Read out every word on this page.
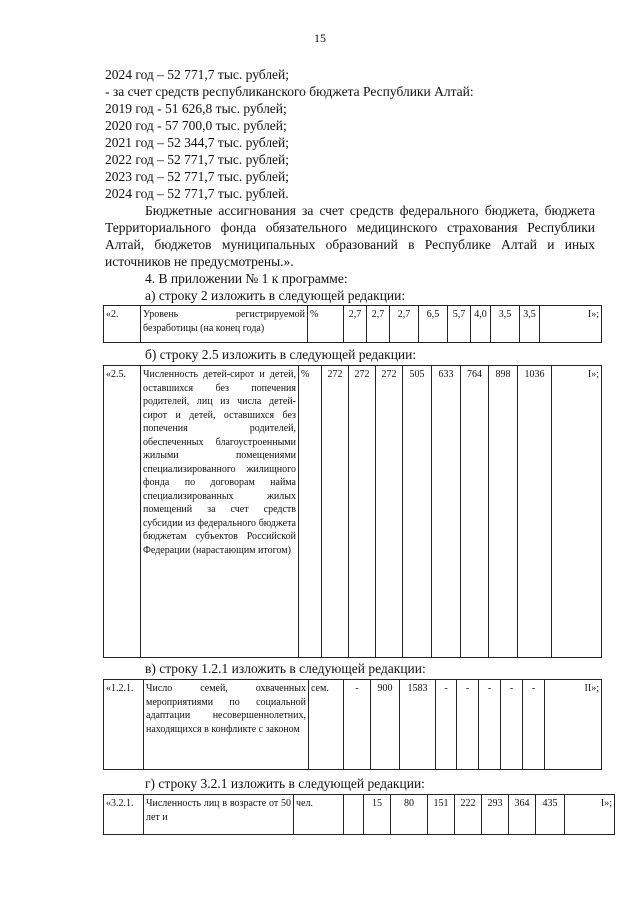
15
2024 год – 52 771,7 тыс. рублей;
- за счет средств республиканского бюджета Республики Алтай:
2019 год - 51 626,8 тыс. рублей;
2020 год - 57 700,0 тыс. рублей;
2021 год – 52 344,7 тыс. рублей;
2022 год – 52 771,7 тыс. рублей;
2023 год – 52 771,7 тыс. рублей;
2024 год – 52 771,7 тыс. рублей.
Бюджетные ассигнования за счет средств федерального бюджета, бюджета Территориального фонда обязательного медицинского страхования Республики Алтай, бюджетов муниципальных образований в Республике Алтай и иных источников не предусмотрены.».
4. В приложении № 1 к программе:
а) строку 2 изложить в следующей редакции:
«2.	Уровень регистрируемой безработицы (на конец года)	%	2,7	2,7	2,7	6,5	5,7	4,0	3,5	3,5	I»;
б) строку 2.5 изложить в следующей редакции:
«2.5.	Численность детей-сирот и детей, оставшихся без попечения родителей, лиц из числа детей-сирот и детей, оставшихся без попечения родителей, обеспеченных благоустроенными жилыми помещениями специализированного жилищного фонда по договорам найма специализированных жилых помещений за счет средств субсидии из федерального бюджета бюджетам субъектов Российской Федерации (нарастающим итогом)	%	272	272	272	505	633	764	898	1036	I»;
в) строку 1.2.1 изложить в следующей редакции:
«1.2.1.	Число семей, охваченных мероприятиями по социальной адаптации несовершеннолетних, находящихся в конфликте с законом	сем.	-	900	1583	-	-	-	-	-	II»;
г) строку 3.2.1 изложить в следующей редакции:
«3.2.1.	Численность лиц в возрасте от 50 лет и	чел.		15	80	151	222	293	364	435	I»;
